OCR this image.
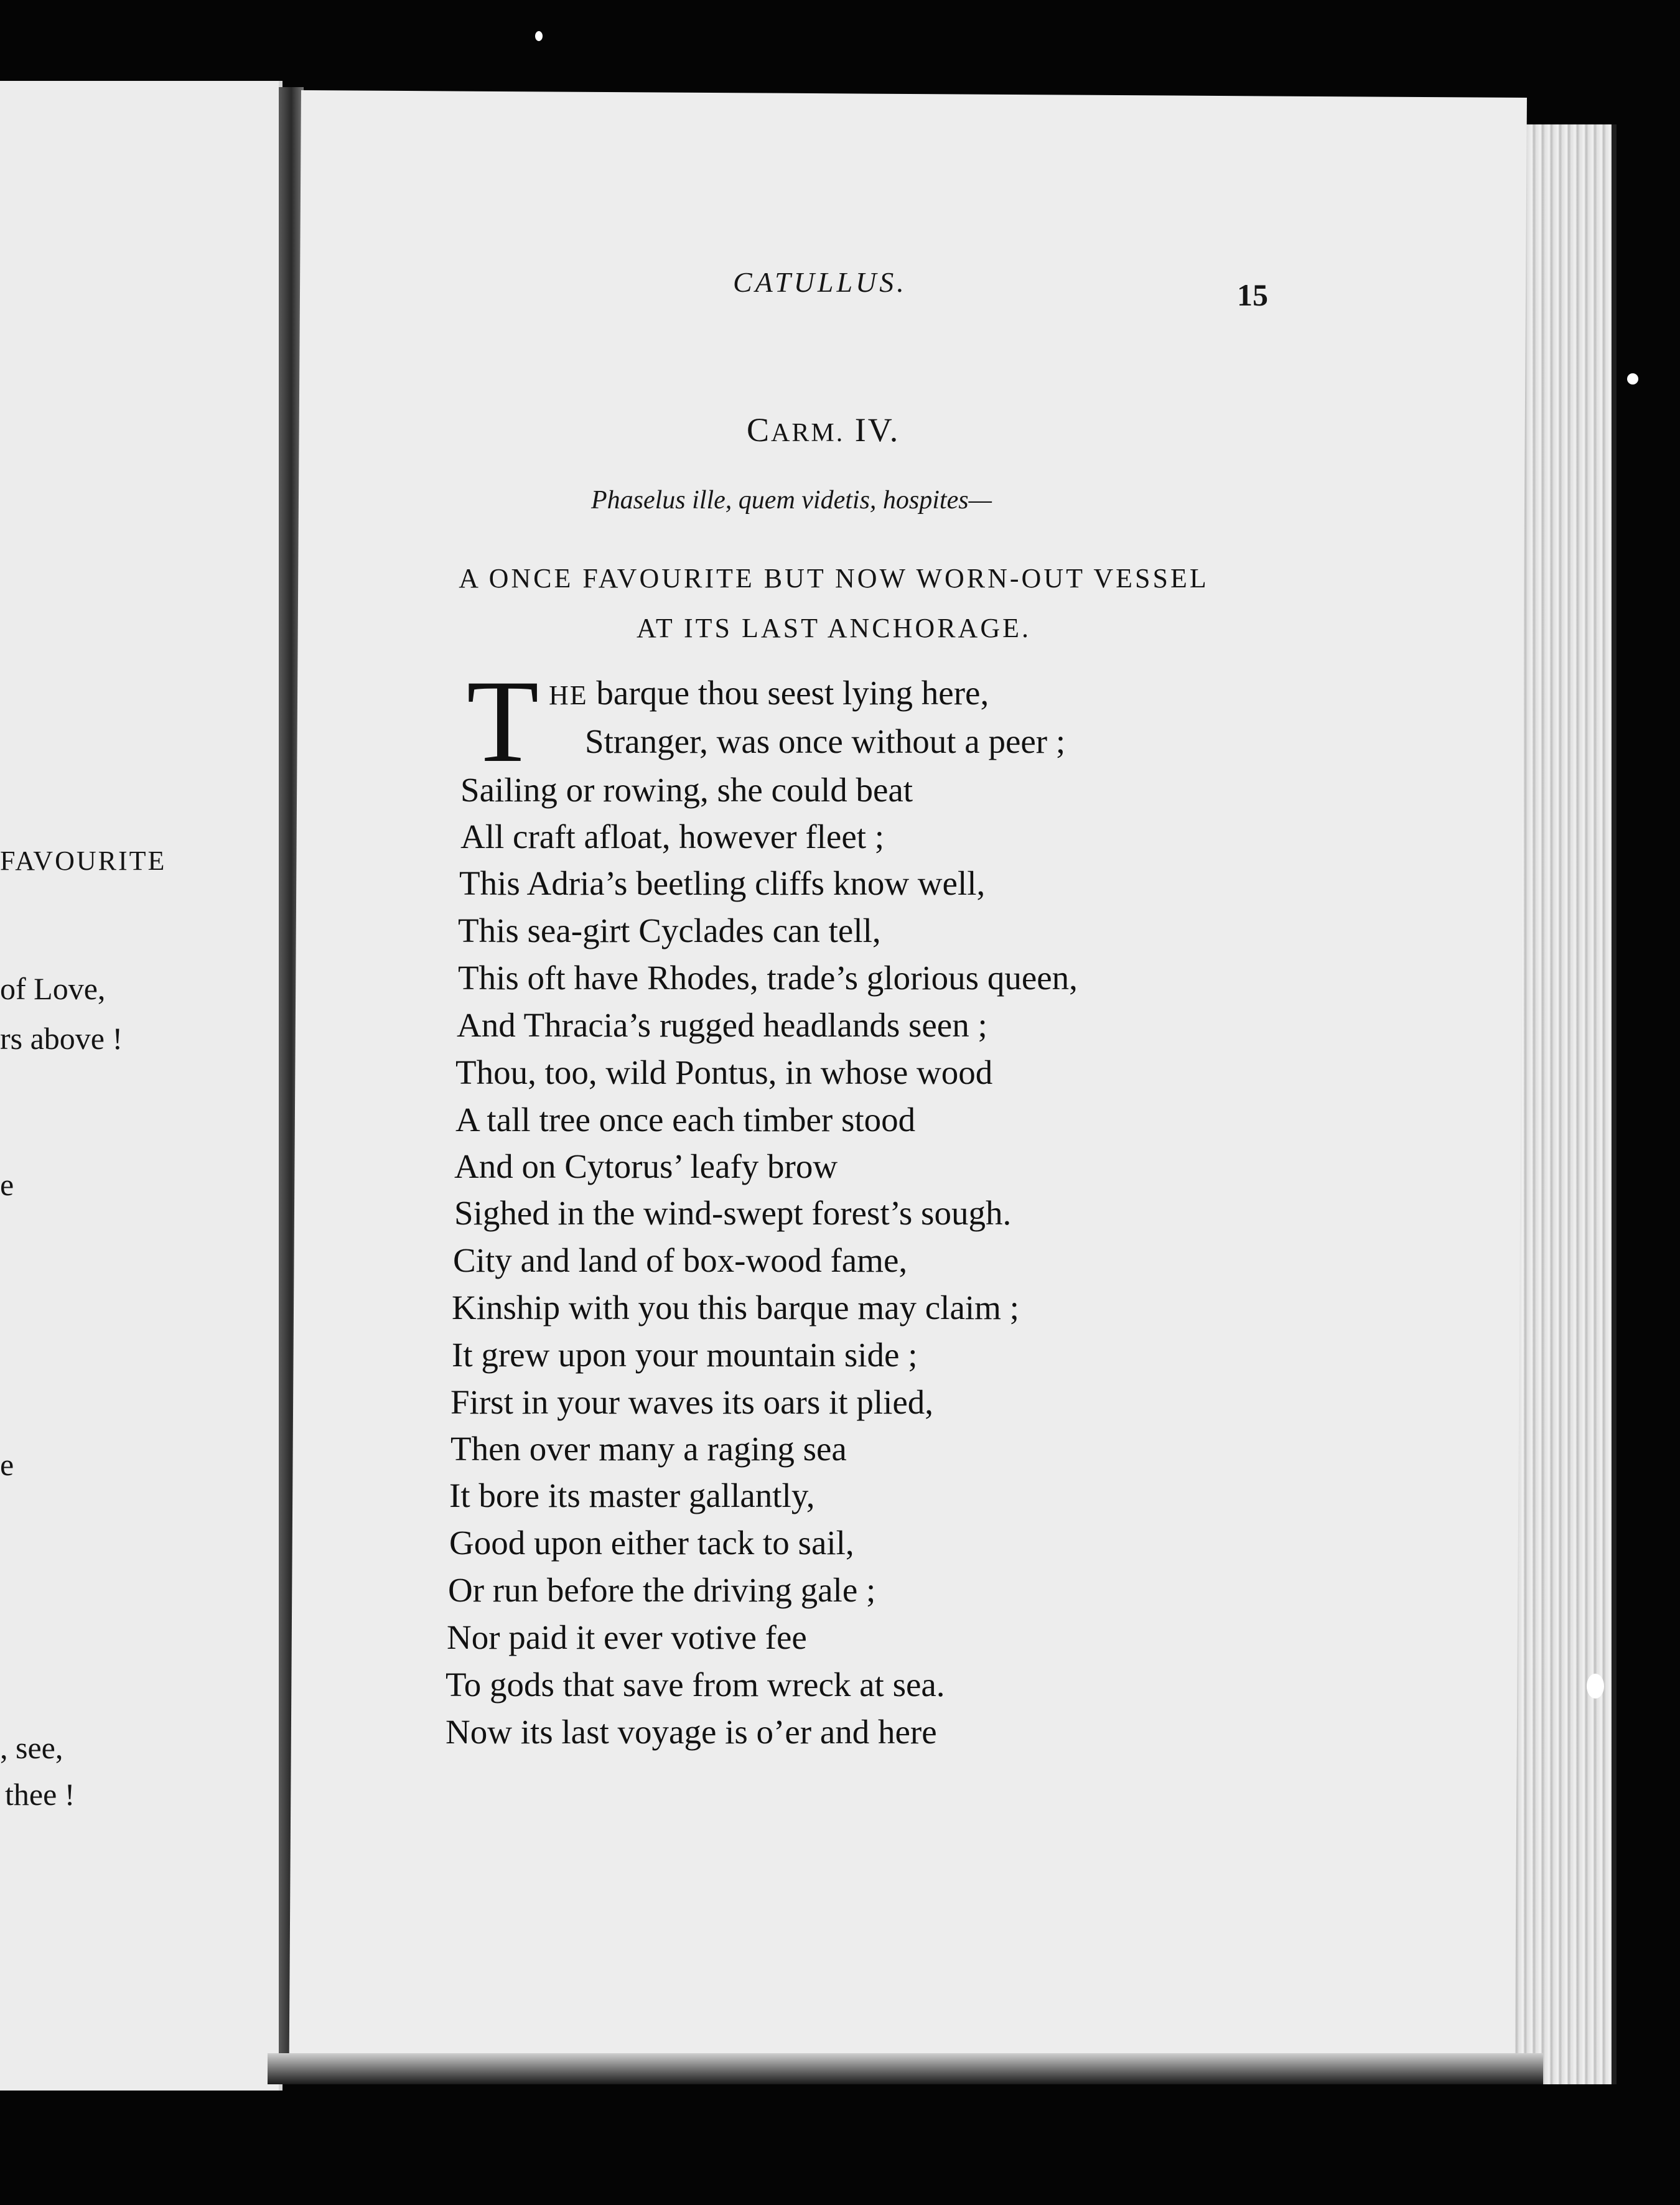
FAVOURITE
of Love,
rs above !
e
e
, see,
thee !
CATULLUS.	15
CARM. IV.
Phaselus ille, quem videtis, hospites—
A ONCE FAVOURITE BUT NOW WORN-OUT VESSEL
AT ITS LAST ANCHORAGE.
T HE barque thou seest lying here,
Stranger, was once without a peer ;
Sailing or rowing, she could beat
All craft afloat, however fleet ;
This Adria’s beetling cliffs know well,
This sea-girt Cyclades can tell,
This oft have Rhodes, trade’s glorious queen,
And Thracia’s rugged headlands seen ;
Thou, too, wild Pontus, in whose wood
A tall tree once each timber stood
And on Cytorus’ leafy brow
Sighed in the wind-swept forest’s sough.
City and land of box-wood fame,
Kinship with you this barque may claim ;
It grew upon your mountain side ;
First in your waves its oars it plied,
Then over many a raging sea
It bore its master gallantly,
Good upon either tack to sail,
Or run before the driving gale ;
Nor paid it ever votive fee
To gods that save from wreck at sea.
Now its last voyage is o’er and here
